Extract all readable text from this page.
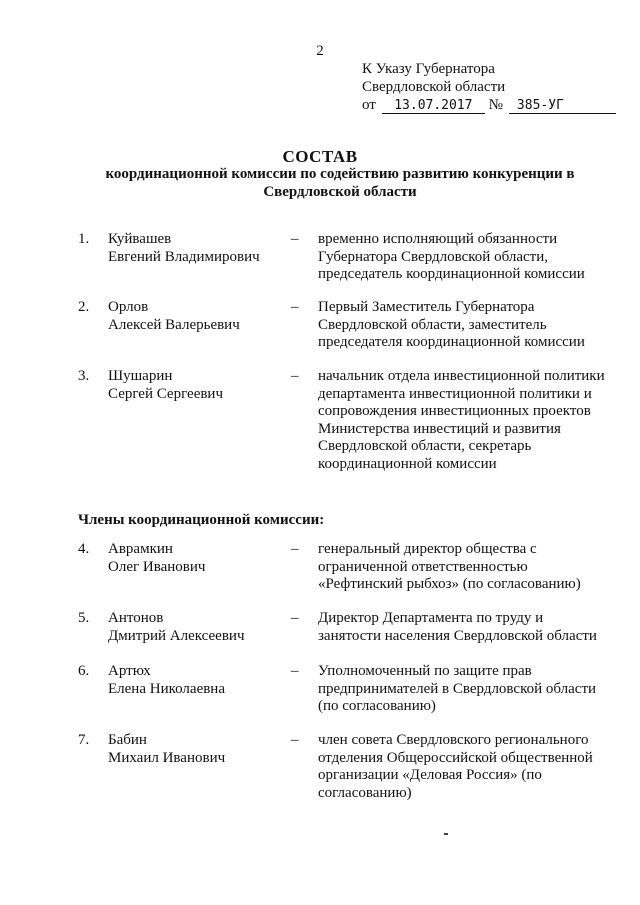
2
К Указу Губернатора
Свердловской области
от 13.07.2017 № 385-УГ
СОСТАВ
координационной комиссии по содействию развитию конкуренции в Свердловской области
1. Куйвашев
Евгений Владимирович
– временно исполняющий обязанности Губернатора Свердловской области, председатель координационной комиссии
2. Орлов
Алексей Валерьевич
– Первый Заместитель Губернатора Свердловской области, заместитель председателя координационной комиссии
3. Шушарин
Сергей Сергеевич
– начальник отдела инвестиционной политики департамента инвестиционной политики и сопровождения инвестиционных проектов Министерства инвестиций и развития Свердловской области, секретарь координационной комиссии
Члены координационной комиссии:
4. Аврамкин
Олег Иванович
– генеральный директор общества с ограниченной ответственностью «Рефтинский рыбхоз» (по согласованию)
5. Антонов
Дмитрий Алексеевич
– Директор Департамента по труду и занятости населения Свердловской области
6. Артюх
Елена Николаевна
– Уполномоченный по защите прав предпринимателей в Свердловской области (по согласованию)
7. Бабин
Михаил Иванович
– член совета Свердловского регионального отделения Общероссийской общественной организации «Деловая Россия» (по согласованию)
